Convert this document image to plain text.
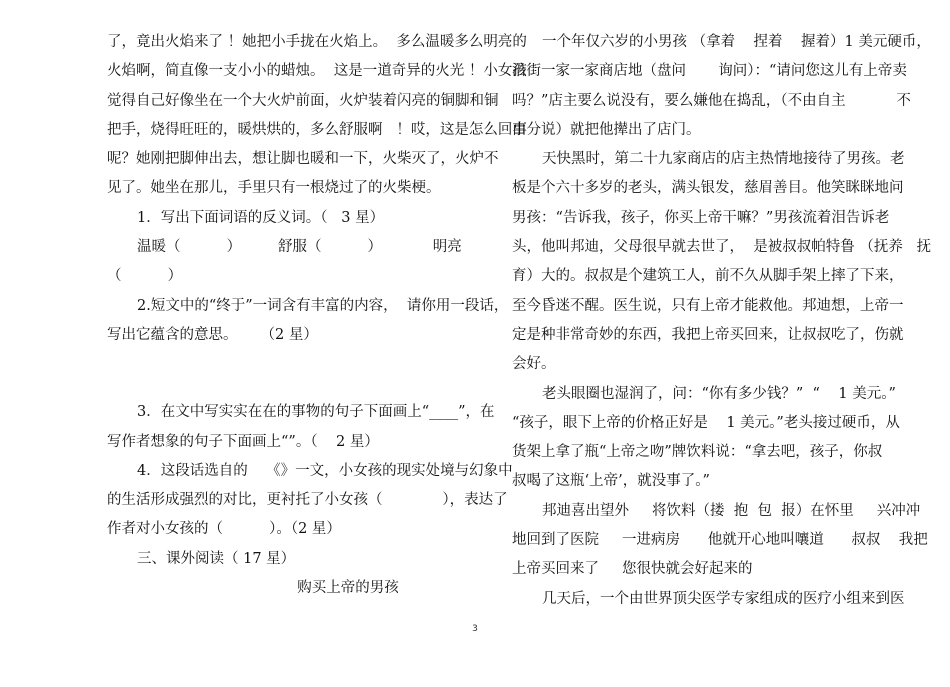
了，竟出火焰来了 ！她把小手拢在火焰上。  多么温暖多么明亮的
火焰啊，简直像一支小小的蜡烛。  这是一道奇异的火光 ！小女孩
觉得自己好像坐在一个大火炉前面，火炉装着闪亮的铜脚和铜
把手，烧得旺旺的，暖烘烘的，多么舒服啊   ！哎，这是怎么回事
呢？她刚把脚伸出去，想让脚也暖和一下，火柴灭了，火炉不
见了。她坐在那儿，手里只有一根烧过了的火柴梗。
1．写出下面词语的反义词。（   3 星）
温暖（          ）        舒服（          ）           明亮
（          ）
2.短文中的“终于”一词含有丰富的内容，  请你用一段话，
写出它蕴含的意思。     （2 星）
3．在文中写实实在在的事物的句子下面画上“____”，在
写作者想象的句子下面画上“”。（    2 星）
4．这段话选自的    《》一文，小女孩的现实处境与幻象中
的生活形成强烈的对比，更衬托了小女孩（             ），表达了
作者对小女孩的（          ）。（2 星）
三、课外阅读（ 17 星）
购买上帝的男孩
一个年仅六岁的小男孩 （拿着    捏着    握着）1 美元硬币，
沿街一家一家商店地（盘问       询问）：“请问您这儿有上帝卖
吗？”店主要么说没有，要么嫌他在捣乱，（不由自主           不
由分说）就把他撵出了店门。
天快黑时，第二十九家商店的店主热情地接待了男孩。老
板是个六十多岁的老头，满头银发，慈眉善目。他笑眯眯地问
男孩：“告诉我，孩子，你买上帝干嘛？”男孩流着泪告诉老
头，他叫邦迪，父母很早就去世了，  是被叔叔帕特鲁 （抚养   抚
育）大的。叔叔是个建筑工人，前不久从脚手架上摔了下来，
至今昏迷不醒。医生说，只有上帝才能救他。邦迪想，上帝一
定是种非常奇妙的东西，我把上帝买回来，让叔叔吃了，伤就
会好。
老头眼圈也湿润了，问：“你有多少钱？”  “    1 美元。”
“孩子，眼下上帝的价格正好是    1 美元。”老头接过硬币，从
货架上拿了瓶“上帝之吻”牌饮料说：“拿去吧，孩子，你叔
叔喝了这瓶‘上帝’，就没事了。”
邦迪喜出望外     将饮料（搂  抱  包  报）在怀里     兴冲冲
地回到了医院     一进病房      他就开心地叫嚷道      叔叔    我把
上帝买回来了     您很快就会好起来的
几天后，一个由世界顶尖医学专家组成的医疗小组来到医
3
